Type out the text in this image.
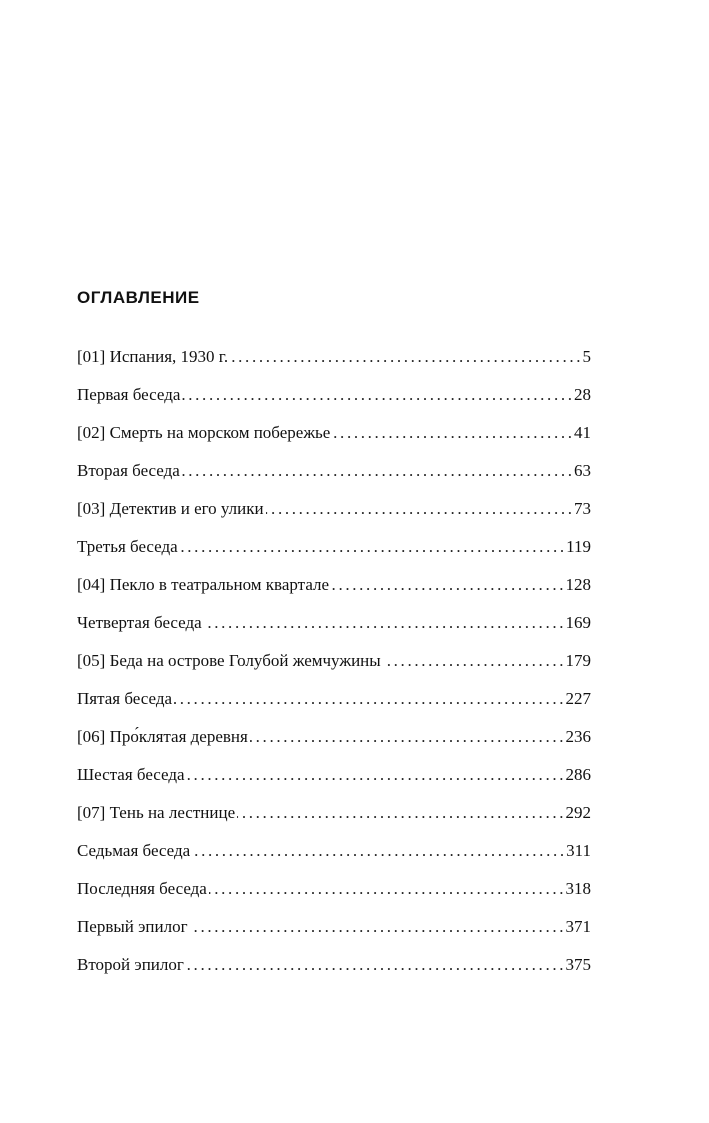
ОГЛАВЛЕНИЕ
[01] Испания, 1930 г. . . .	5
Первая беседа . . .	28
[02] Смерть на морском побережье . . .	41
Вторая беседа . . .	63
[03] Детектив и его улики . . .	73
Третья беседа . . .	119
[04] Пекло в театральном квартале . . .	128
Четвертая беседа . . .	169
[05] Беда на острове Голубой жемчужины . . .	179
Пятая беседа . . .	227
[06] Про́клятая деревня . . .	236
Шестая беседа . . .	286
[07] Тень на лестнице . . .	292
Седьмая беседа . . .	311
Последняя беседа . . .	318
Первый эпилог . . .	371
Второй эпилог . . .	375
